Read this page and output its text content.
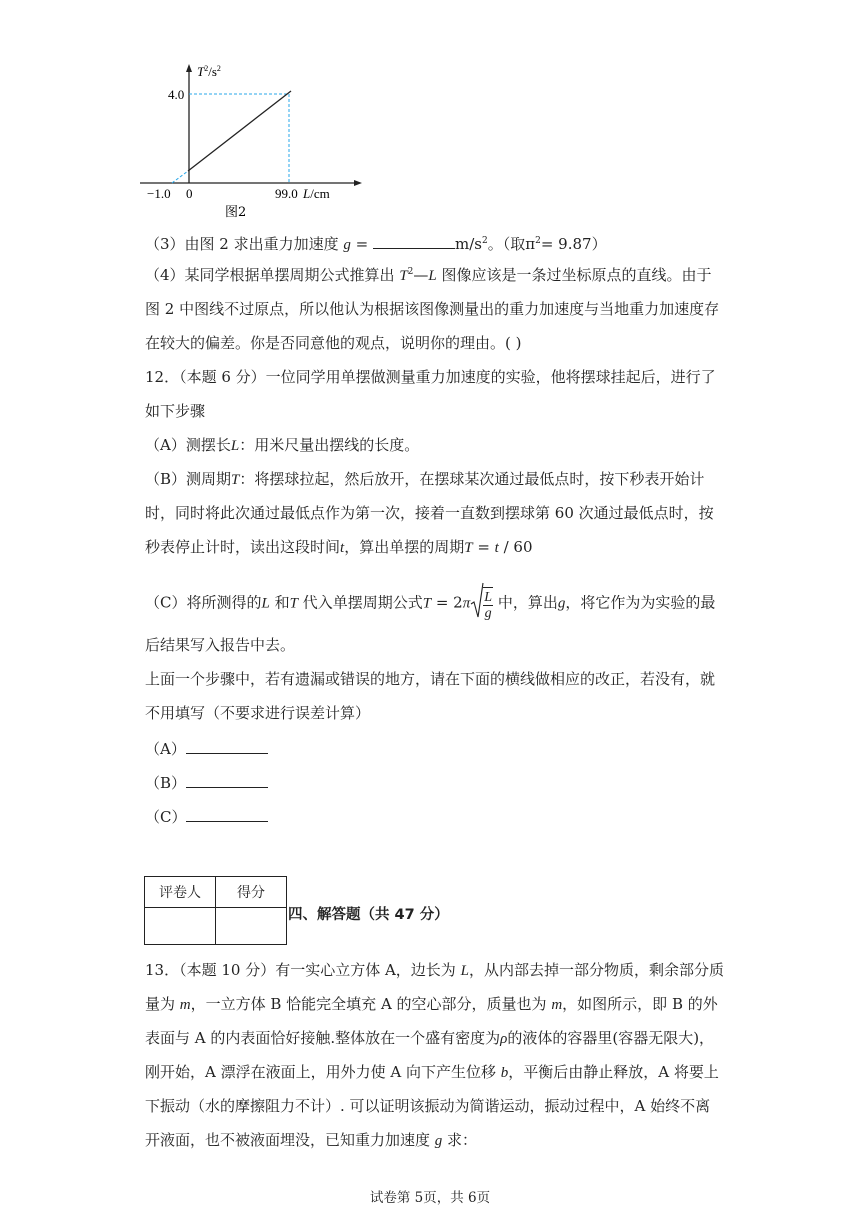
$T^2/s^2$
4.0
−1.0 0	99.0 L/cm
图2
（3）由图 2 求出重力加速度 g =	$m/s^2$。（取$\pi^2= 9.87$）
（4）某同学根据单摆周期公式推算出 $T^2—L$ 图像应该是一条过坐标原点的直线。由于
图 2 中图线不过原点，所以他认为根据该图像测量出的重力加速度与当地重力加速度存
在较大的偏差。你是否同意他的观点，说明你的理由。( )
12．（本题 6 分）一位同学用单摆做测量重力加速度的实验，他将摆球挂起后，进行了
如下步骤
（A）测摆长L：用米尺量出摆线的长度。
（B）测周期T：将摆球拉起，然后放开，在摆球某次通过最低点时，按下秒表开始计
时，同时将此次通过最低点作为第一次，接着一直数到摆球第 60 次通过最低点时，按
秒表停止计时，读出这段时间t，算出单摆的周期T = t / 60
（C）将所测得的L 和T 代入单摆周期公式$T = 2\pi \frac{L}{g}$ 中，算出g，将它作为为实验的最
后结果写入报告中去。
上面一个步骤中，若有遗漏或错误的地方，请在下面的横线做相应的改正，若没有，就
不用填写（不要求进行误差计算）
（A）
（B）
（C）
评卷人	得分

四、解答题（共 47 分）
13．（本题 10 分）有一实心立方体 A，边长为 L，从内部去掉一部分物质，剩余部分质
量为 m，一立方体 B 恰能完全填充 A 的空心部分，质量也为 m，如图所示，即 B 的外
表面与 A 的内表面恰好接触.整体放在一个盛有密度为ρ的液体的容器里(容器无限大)，
刚开始，A 漂浮在液面上，用外力使 A 向下产生位移 b，平衡后由静止释放，A 将要上
下振动（水的摩擦阻力不计）. 可以证明该振动为简谐运动，振动过程中，A 始终不离
开液面，也不被液面埋没，已知重力加速度 g 求：
试卷第 5页，共 6页
